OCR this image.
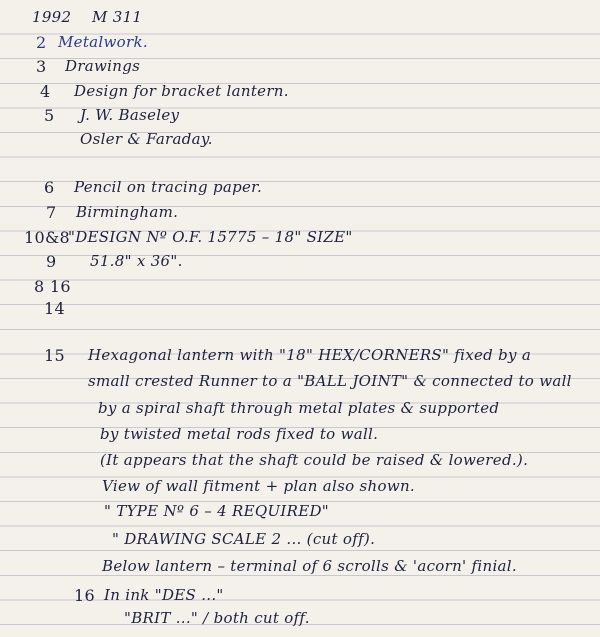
1992 M 311
2 Metalwork.
3 Drawings
4 Design for bracket lantern.
5 J. W. Baseley
Osler & Faraday.
6 Pencil on tracing paper.
7 Birmingham.
10&8
"DESIGN Nº O.F. 15775 – 18" SIZE"
9 51.8" x 36".
8 16
14
15 Hexagonal lantern with "18" HEX/CORNERS" fixed by a
small crested Runner to a "BALL JOINT" & connected to wall
by a spiral shaft through metal plates & supported
by twisted metal rods fixed to wall.
(It appears that the shaft could be raised & lowered.).
View of wall fitment + plan also shown.
" TYPE Nº 6 – 4 REQUIRED"
" DRAWING SCALE 2 ... (cut off).
Below lantern – terminal of 6 scrolls & 'acorn' finial.
16 In ink "DES ..."
"BRIT ..." / both cut off.
